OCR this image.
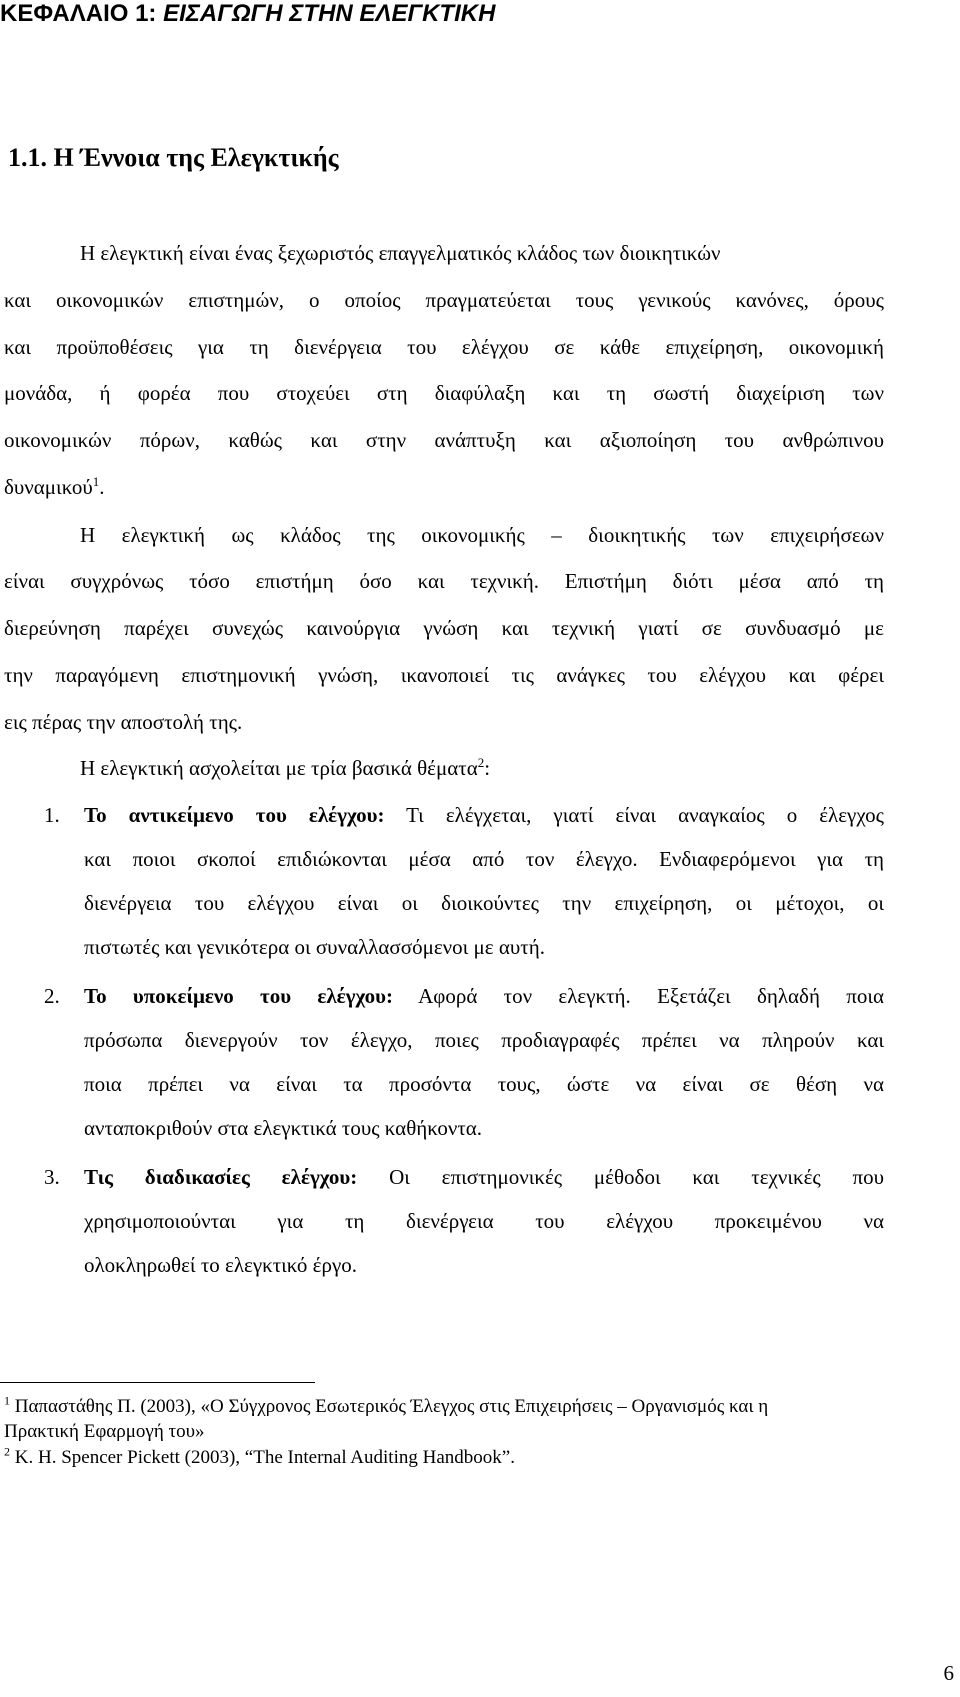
ΚΕΦΑΛΑΙΟ 1: ΕΙΣΑΓΩΓΗ ΣΤΗΝ ΕΛΕΓΚΤΙΚΗ
1.1. Η Έννοια της Ελεγκτικής
Η ελεγκτική είναι ένας ξεχωριστός επαγγελματικός κλάδος των διοικητικών
και οικονομικών επιστημών, ο οποίος πραγματεύεται τους γενικούς κανόνες, όρους
και προϋποθέσεις για τη διενέργεια του ελέγχου σε κάθε επιχείρηση, οικονομική
μονάδα, ή φορέα που στοχεύει στη διαφύλαξη και τη σωστή διαχείριση των
οικονομικών πόρων, καθώς και στην ανάπτυξη και αξιοποίηση του ανθρώπινου
δυναμικού$^1$.
Η ελεγκτική ως κλάδος της οικονομικής – διοικητικής των επιχειρήσεων
είναι συγχρόνως τόσο επιστήμη όσο και τεχνική. Επιστήμη διότι μέσα από τη
διερεύνηση παρέχει συνεχώς καινούργια γνώση και τεχνική γιατί σε συνδυασμό με
την παραγόμενη επιστημονική γνώση, ικανοποιεί τις ανάγκες του ελέγχου και φέρει
εις πέρας την αποστολή της.
Η ελεγκτική ασχολείται με τρία βασικά θέματα$^2$:
1. Το αντικείμενο του ελέγχου: Τι ελέγχεται, γιατί είναι αναγκαίος ο έλεγχος
και ποιοι σκοποί επιδιώκονται μέσα από τον έλεγχο. Ενδιαφερόμενοι για τη
διενέργεια του ελέγχου είναι οι διοικούντες την επιχείρηση, οι μέτοχοι, οι
πιστωτές και γενικότερα οι συναλλασσόμενοι με αυτή.
2. Το υποκείμενο του ελέγχου: Αφορά τον ελεγκτή. Εξετάζει δηλαδή ποια
πρόσωπα διενεργούν τον έλεγχο, ποιες προδιαγραφές πρέπει να πληρούν και
ποια πρέπει να είναι τα προσόντα τους, ώστε να είναι σε θέση να
ανταποκριθούν στα ελεγκτικά τους καθήκοντα.
3. Τις διαδικασίες ελέγχου: Οι επιστημονικές μέθοδοι και τεχνικές που
χρησιμοποιούνται για τη διενέργεια του ελέγχου προκειμένου να
ολοκληρωθεί το ελεγκτικό έργο.
$^1$ Παπαστάθης Π. (2003), «Ο Σύγχρονος Εσωτερικός Έλεγχος στις Επιχειρήσεις – Οργανισμός και η
Πρακτική Εφαρμογή του»
$^2$ K. H. Spencer Pickett (2003), “The Internal Auditing Handbook”.
6
